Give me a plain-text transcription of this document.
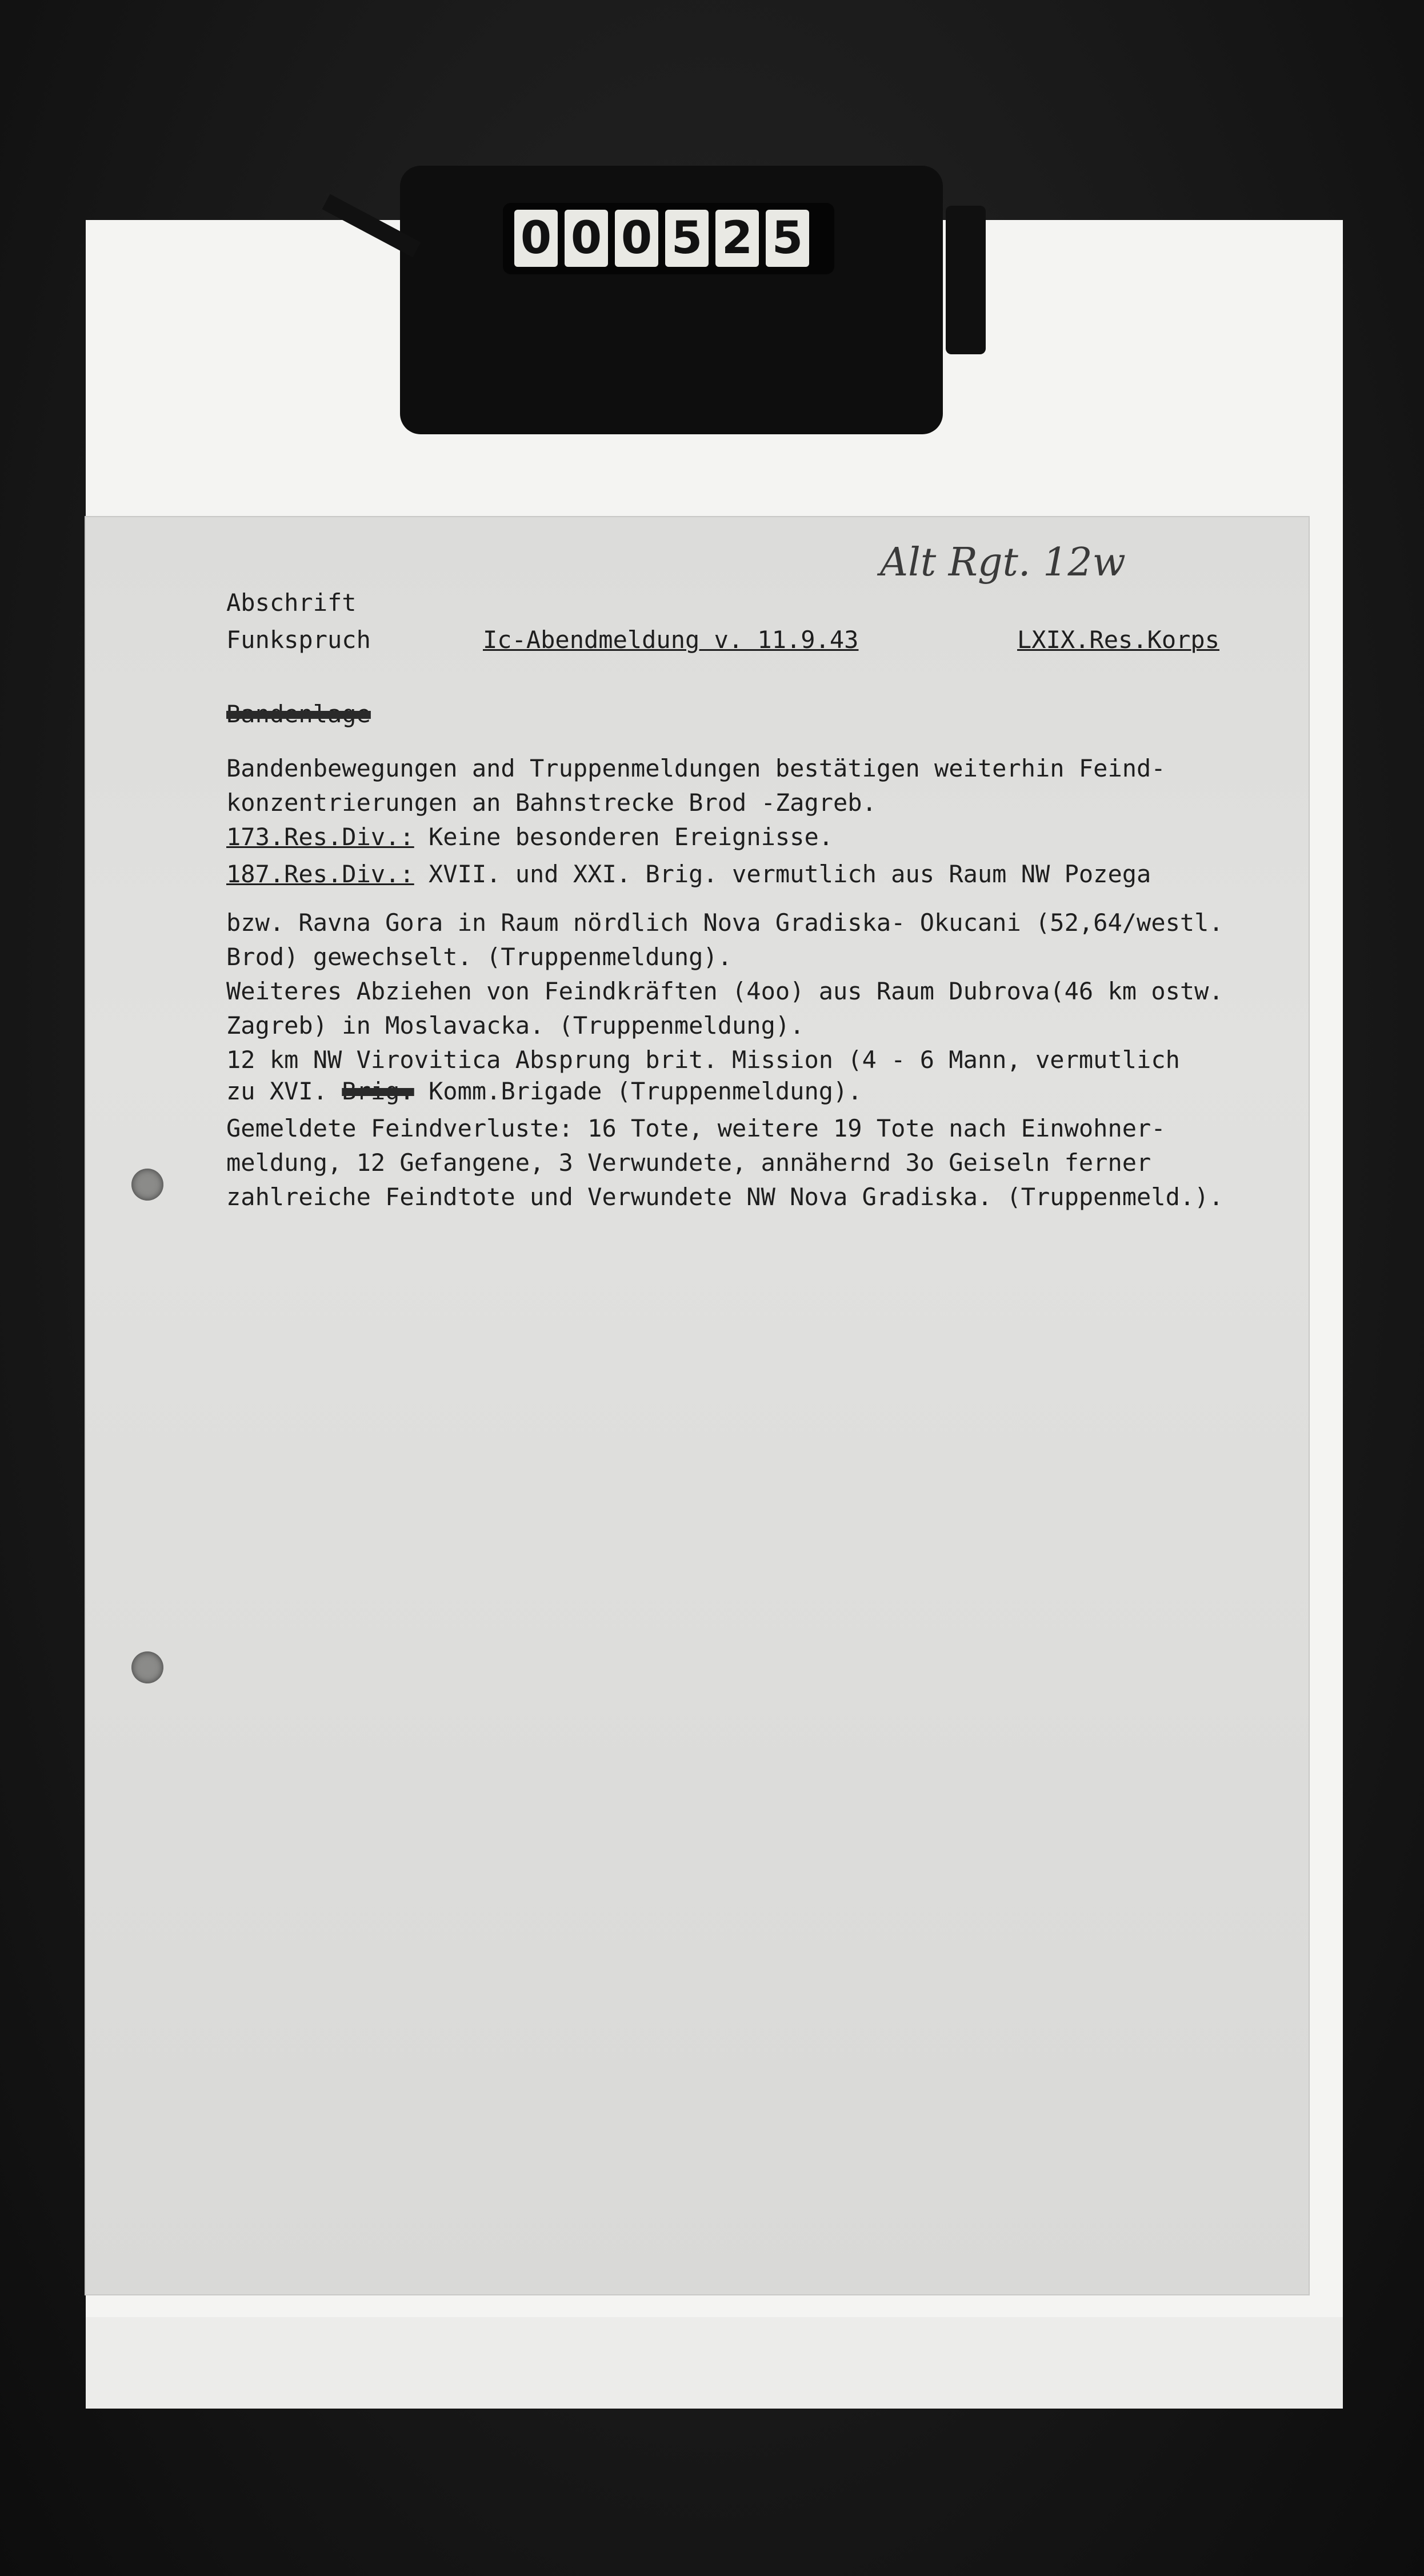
0 0 0 5 2 5
Alt Rgt. 12w
Abschrift
Funkspruch	Ic-Abendmeldung v. 11.9.43	LXIX.Res.Korps
Bandenlage
Bandenbewegungen and Truppenmeldungen bestätigen weiterhin Feind-
konzentrierungen an Bahnstrecke Brod -Zagreb.
173.Res.Div.: Keine besonderen Ereignisse.
187.Res.Div.: XVII. und XXI. Brig. vermutlich aus Raum NW Pozega
bzw. Ravna Gora in Raum nördlich Nova Gradiska- Okucani (52,64/westl.
Brod) gewechselt. (Truppenmeldung).
Weiteres Abziehen von Feindkräften (4oo) aus Raum Dubrova(46 km ostw.
Zagreb) in Moslavacka. (Truppenmeldung).
12 km NW Virovitica Absprung brit. Mission (4 - 6 Mann, vermutlich
zu XVI. Brig. Komm.Brigade (Truppenmeldung).
Gemeldete Feindverluste: 16 Tote, weitere 19 Tote nach Einwohner-
meldung, 12 Gefangene, 3 Verwundete, annähernd 3o Geiseln ferner
zahlreiche Feindtote und Verwundete NW Nova Gradiska. (Truppenmeld.).
